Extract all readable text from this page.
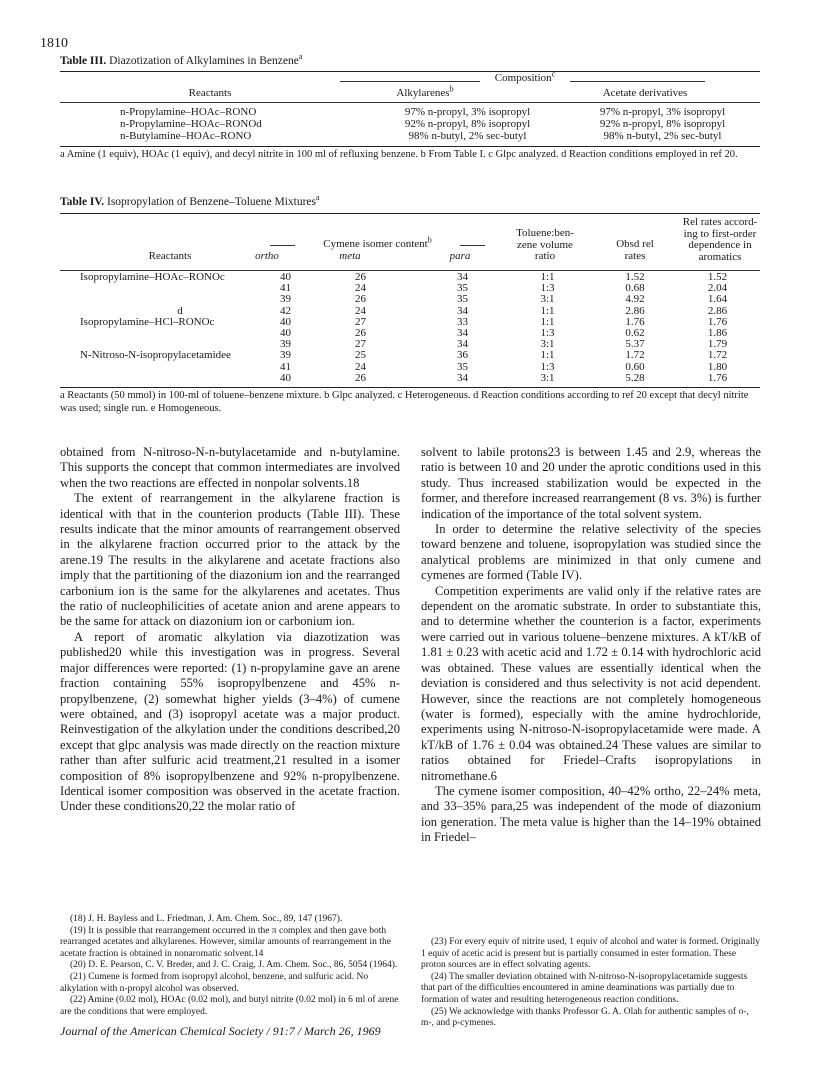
1810
Table III. Diazotization of Alkylamines in Benzene$^a$
Composition$^c$
Reactants	Alkylarenes$^b$	Acetate derivatives
	n-Propylamine–HOAc–RONO	97% n-propyl, 3% isopropyl	97% n-propyl, 3% isopropyl
	n-Propylamine–HOAc–RONOd	92% n-propyl, 8% isopropyl	92% n-propyl, 8% isopropyl
	n-Butylamine–HOAc–RONO	98% n-butyl, 2% sec-butyl	98% n-butyl, 2% sec-butyl
a Amine (1 equiv), HOAc (1 equiv), and decyl nitrite in 100 ml of refluxing benzene. b From Table I. c Glpc analyzed. d Reaction conditions employed in ref 20.
Table IV. Isopropylation of Benzene–Toluene Mixtures$^a$
Rel rates accord-
ing to first-order
dependence in
aromatics
Toluene:ben-
zene volume
ratio
Obsd rel
rates
Cymene isomer content$^b$
Reactants	ortho	meta	para
	Isopropylamine–HOAc–RONOc	40		26	34	1:1	1.52	1.52
		41		24	35	1:3	0.68	2.04
		39		26	35	3:1	4.92	1.64
	d	42		24	34	1:1	2.86	2.86
	Isopropylamine–HCl–RONOc	40		27	33	1:1	1.76	1.76
		40		26	34	1:3	0.62	1.86
		39		27	34	3:1	5.37	1.79
	N-Nitroso-N-isopropylacetamidee	39		25	36	1:1	1.72	1.72
		41		24	35	1:3	0.60	1.80
		40		26	34	3:1	5.28	1.76
a Reactants (50 mmol) in 100-ml of toluene–benzene mixture. b Glpc analyzed. c Heterogeneous. d Reaction conditions according to ref 20 except that decyl nitrite was used; single run. e Homogeneous.

obtained from N-nitroso-N-n-butylacetamide and n-butylamine. This supports the concept that common intermediates are involved when the two reactions are effected in nonpolar solvents.18

The extent of rearrangement in the alkylarene fraction is identical with that in the counterion products (Table III). These results indicate that the minor amounts of rearrangement observed in the alkylarene fraction occurred prior to the attack by the arene.19 The results in the alkylarene and acetate fractions also imply that the partitioning of the diazonium ion and the rearranged carbonium ion is the same for the alkylarenes and acetates. Thus the ratio of nucleophilicities of acetate anion and arene appears to be the same for attack on diazonium ion or carbonium ion.

A report of aromatic alkylation via diazotization was published20 while this investigation was in progress. Several major differences were reported: (1) n-propylamine gave an arene fraction containing 55% isopropylbenzene and 45% n-propylbenzene, (2) somewhat higher yields (3–4%) of cumene were obtained, and (3) isopropyl acetate was a major product. Reinvestigation of the alkylation under the conditions described,20 except that glpc analysis was made directly on the reaction mixture rather than after sulfuric acid treatment,21 resulted in a isomer composition of 8% isopropylbenzene and 92% n-propylbenzene. Identical isomer composition was observed in the acetate fraction. Under these conditions20,22 the molar ratio of

solvent to labile protons23 is between 1.45 and 2.9, whereas the ratio is between 10 and 20 under the aprotic conditions used in this study. Thus increased stabilization would be expected in the former, and therefore increased rearrangement (8 vs. 3%) is further indication of the importance of the total solvent system.

In order to determine the relative selectivity of the species toward benzene and toluene, isopropylation was studied since the analytical problems are minimized in that only cumene and cymenes are formed (Table IV).

Competition experiments are valid only if the relative rates are dependent on the aromatic substrate. In order to substantiate this, and to determine whether the counterion is a factor, experiments were carried out in various toluene–benzene mixtures. A kT/kB of 1.81 ± 0.23 with acetic acid and 1.72 ± 0.14 with hydrochloric acid was obtained. These values are essentially identical when the deviation is considered and thus selectivity is not acid dependent. However, since the reactions are not completely homogeneous (water is formed), especially with the amine hydrochloride, experiments using N-nitroso-N-isopropylacetamide were made. A kT/kB of 1.76 ± 0.04 was obtained.24 These values are similar to ratios obtained for Friedel–Crafts isopropylations in nitromethane.6

The cymene isomer composition, 40–42% ortho, 22–24% meta, and 33–35% para,25 was independent of the mode of diazonium ion generation. The meta value is higher than the 14–19% obtained in Friedel–

(18) J. H. Bayless and L. Friedman, J. Am. Chem. Soc., 89, 147 (1967).

(19) It is possible that rearrangement occurred in the π complex and then gave both rearranged acetates and alkylarenes. However, similar amounts of rearrangement in the acetate fraction is obtained in nonaromatic solvent.14

(20) D. E. Pearson, C. V. Breder, and J. C. Craig, J. Am. Chem. Soc., 86, 5054 (1964).

(21) Cumene is formed from isopropyl alcohol, benzene, and sulfuric acid. No alkylation with n-propyl alcohol was observed.

(22) Amine (0.02 mol), HOAc (0.02 mol), and butyl nitrite (0.02 mol) in 6 ml of arene are the conditions that were employed.

(23) For every equiv of nitrite used, 1 equiv of alcohol and water is formed. Originally 1 equiv of acetic acid is present but is partially consumed in ester formation. These proton sources are in effect solvating agents.

(24) The smaller deviation obtained with N-nitroso-N-isopropylacetamide suggests that part of the difficulties encountered in amine deaminations was partially due to formation of water and resulting heterogeneous reaction conditions.

(25) We acknowledge with thanks Professor G. A. Olah for authentic samples of o-, m-, and p-cymenes.

Journal of the American Chemical Society / 91:7 / March 26, 1969
